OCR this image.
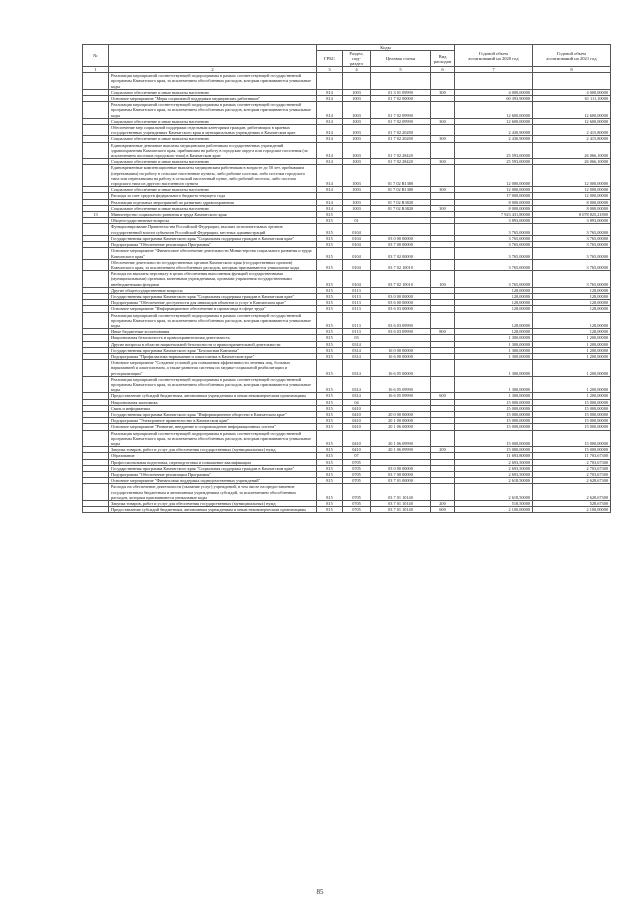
№		Коды				Годовой объем
ассигнований на 2020 год	Годовой объем
ассигнований на 2021 год
		ГРБС	Раздел, под-
раздел	Целевая статья	Вид
расходов		
1	2	3	4	5	6	7	8
	Реализация мероприятий соответствующей подпрограммы в рамках соответствующей государственной программы Камчатского края, за исключением обособленных расходов, которым присваиваются уникальные коды						
	Социальное обеспечение и иные выплаты населению	814	1003	01 3 01 09990	300	4 000,00000	4 000,00000
	Основное мероприятие "Меры социальной поддержки медицинских работников"	814	1003	01 7 02 00000		60 393,90000	61 111,10000
	Реализация мероприятий соответствующей подпрограммы в рамках соответствующей государственной программы Камчатского края, за исключением обособленных расходов, которым присваиваются уникальные коды	814	1003	01 7 02 09990		12 600,00000	12 600,00000
	Социальное обеспечение и иные выплаты населению	814	1003	01 7 02 09990	300	12 600,00000	12 600,00000
	Обеспечение мер социальной поддержки отдельным категориям граждан, работающих в краевых государственных учреждениях Камчатского края и муниципальных учреждениях в Камчатском крае	814	1003	01 7 02 20280		2 430,90000	2 415,80000
	Социальное обеспечение и иные выплаты населению	814	1003	01 7 02 20280	300	2 430,90000	2 415,80000
	Единовременные денежные выплаты медицинским работникам государственных учреждений здравоохранения Камчатского края, прибывшим на работу в городские округа или городские поселения (за исключением поселков городского типа) в Камчатском крае	814	1003	01 7 02 28420		25 593,00000	26 066,10000
	Социальное обеспечение и иные выплаты населению	814	1003	01 7 02 28420	300	25 593,00000	26 066,10000
	Единовременные компенсационные выплаты медицинским работникам в возрасте до 50 лет, прибывшим (переехавшим) на работу в сельские населенные пункты, либо рабочие поселки, либо поселки городского типа или переехавшим на работу в сельский населенный пункт, либо рабочий поселок, либо поселок городского типа из другого населенного пункта	814	1003	01 7 02 R1380		12 000,00000	12 000,00000
	Социальное обеспечение и иные выплаты населению	814	1003	01 7 02 R1380	300	12 000,00000	12 000,00000
	Расходы за счет средств федерального бюджета текущего года					17 000,00000	12 000,00000
	Реализация отдельных мероприятий по развитию здравоохранения	814	1003	01 7 02 R3820		8 000,00000	8 000,00000
	Социальное обеспечение и иные выплаты населению	814	1003	01 7 02 R3820	300	8 000,00000	8 000,00000
13	Министерство социального развития и труда Камчатского края	815				7 923 431,80000	8 078 825,21800
	Общегосударственные вопросы	815	01			3 893,00000	3 893,00000
	Функционирование Правительства Российской Федерации, высших исполнительных органов государственной власти субъектов Российской Федерации, местных администраций	815	0104			3 765,00000	3 765,00000
	Государственная программа Камчатского края "Социальная поддержка граждан в Камчатском крае"	815	0104	03 0 00 00000		3 765,00000	3 765,00000
	Подпрограмма "Обеспечение реализации Программы"	815	0104	03 7 00 00000		3 765,00000	3 765,00000
	Основное мероприятие "Финансовое обеспечение деятельности Министерства социального развития и труда Камчатского края"	815	0104	03 7 02 00000		3 765,00000	3 765,00000
	Обеспечение деятельности государственных органов Камчатского края (государственных органов) Камчатского края, за исключением обособленных расходов, которым присваиваются уникальные коды	815	0104	03 7 02 10010		3 765,00000	3 765,00000
	Расходы на выплаты персоналу в целях обеспечения выполнения функций государственными (муниципальными) органами, казенными учреждениями, органами управления государственными внебюджетными фондами	815	0104	03 7 02 10010	100	3 765,00000	3 765,00000
	Другие общегосударственные вопросы	815	0113			128,00000	128,00000
	Государственная программа Камчатского края "Социальная поддержка граждан в Камчатском крае"	815	0113	03 0 00 00000		128,00000	128,00000
	Подпрограмма "Обеспечение доступности для инвалидов объектов и услуг в Камчатском крае"	815	0113	03 6 00 00000		128,00000	128,00000
	Основное мероприятие "Информационное обеспечение и пропаганда в сфере труда"	815	0113	03 6 03 00000		128,00000	128,00000
	Реализация мероприятий соответствующей подпрограммы в рамках соответствующей государственной программы Камчатского края, за исключением обособленных расходов, которым присваиваются уникальные коды	815	0113	03 6 03 09990		128,00000	128,00000
	Иные бюджетные ассигнования	815	0113	03 6 03 09990	800	128,00000	128,00000
	Национальная безопасность и правоохранительная деятельность	815	03			1 300,00000	1 200,00000
	Другие вопросы в области национальной безопасности и правоохранительной деятельности	815	0314			1 300,00000	1 200,00000
	Государственная программа Камчатского края "Безопасная Камчатка"	815	0314	16 0 00 00000		1 300,00000	1 200,00000
	Подпрограмма "Профилактика наркомании и алкоголизма в Камчатском крае"	815	0314	16 6 00 00000		1 300,00000	1 200,00000
	Основное мероприятие "Создание условий для повышения эффективности лечения лиц, больных наркоманией и алкоголизмом, а также развития системы их медико-социальной реабилитации и ресоциализации"	815	0314	16 6 05 00000		1 300,00000	1 200,00000
	Реализация мероприятий соответствующей подпрограммы в рамках соответствующей государственной программы Камчатского края, за исключением обособленных расходов, которым присваиваются уникальные коды	815	0314	16 6 05 09990		1 300,00000	1 200,00000
	Предоставление субсидий бюджетным, автономным учреждениям и иным некоммерческим организациям	815	0314	16 6 05 09990	600	1 300,00000	1 200,00000
	Национальная экономика	815	04			15 000,00000	15 000,00000
	Связь и информатика	815	0410			15 000,00000	15 000,00000
	Государственная программа Камчатского края "Информационное общество в Камчатском крае"	815	0410	20 0 00 00000		15 000,00000	15 000,00000
	Подпрограмма "Электронное правительство в Камчатском крае"	815	0410	20 1 00 00000		15 000,00000	15 000,00000
	Основное мероприятие "Развитие, внедрение и сопровождение информационных систем"	815	0410	20 1 06 00000		15 000,00000	15 000,00000
	Реализация мероприятий соответствующей подпрограммы в рамках соответствующей государственной программы Камчатского края, за исключением обособленных расходов, которым присваиваются уникальные коды	815	0410	20 1 06 09990		15 000,00000	15 000,00000
	Закупка товаров, работ и услуг для обеспечения государственных (муниципальных) нужд	815	0410	20 1 06 09990	200	15 000,00000	15 000,00000
	Образование	815	07			11 693,80000	11 703,67300
	Профессиональная подготовка, переподготовка и повышение квалификации	815	0705			2 693,50000	2 703,67300
	Государственная программа Камчатского края "Социальная поддержка граждан в Камчатском крае"	815	0705	03 0 00 00000		2 693,50000	2 703,67300
	Подпрограмма "Обеспечение реализации Программы"	815	0705	03 7 00 00000		2 693,50000	2 703,67300
	Основное мероприятие "Финансовая поддержка подведомственных учреждений"	815	0705	03 7 01 00000		2 618,50000	2 628,67300
	Расходы на обеспечение деятельности (оказание услуг) учреждений, в том числе на предоставление государственным бюджетным и автономным учреждениям субсидий, за исключением обособленных расходов, которым присваиваются уникальные коды	815	0705	03 7 01 10140		2 618,50000	2 628,67300
	Закупка товаров, работ и услуг для обеспечения государственных (муниципальных) нужд	815	0705	03 7 01 10140	200	518,50000	528,67300
	Предоставление субсидий бюджетным, автономным учреждениям и иным некоммерческим организациям	815	0705	03 7 01 10140	600	2 100,00000	2 100,00000
85
